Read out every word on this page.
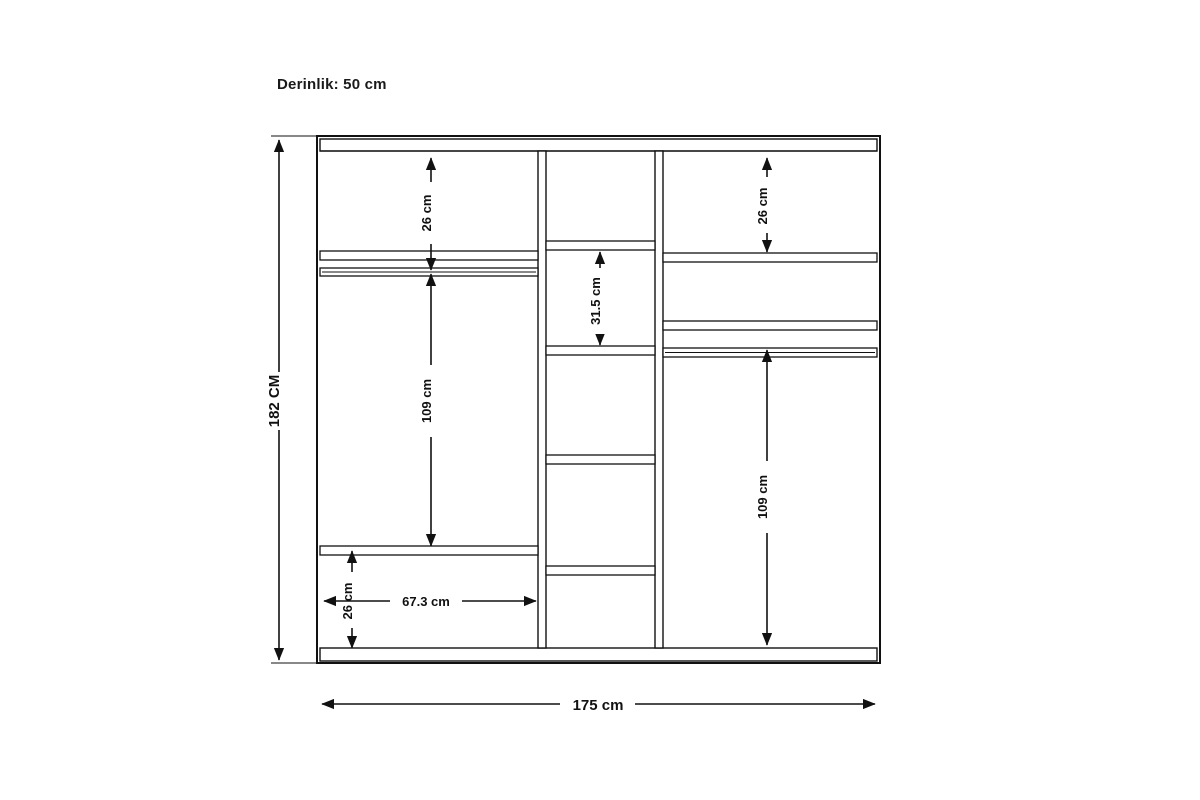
Derinlik: 50 cm
182 CM
175 cm
26 cm
109 cm
26 cm	67.3 cm
31.5 cm
26 cm
109 cm
